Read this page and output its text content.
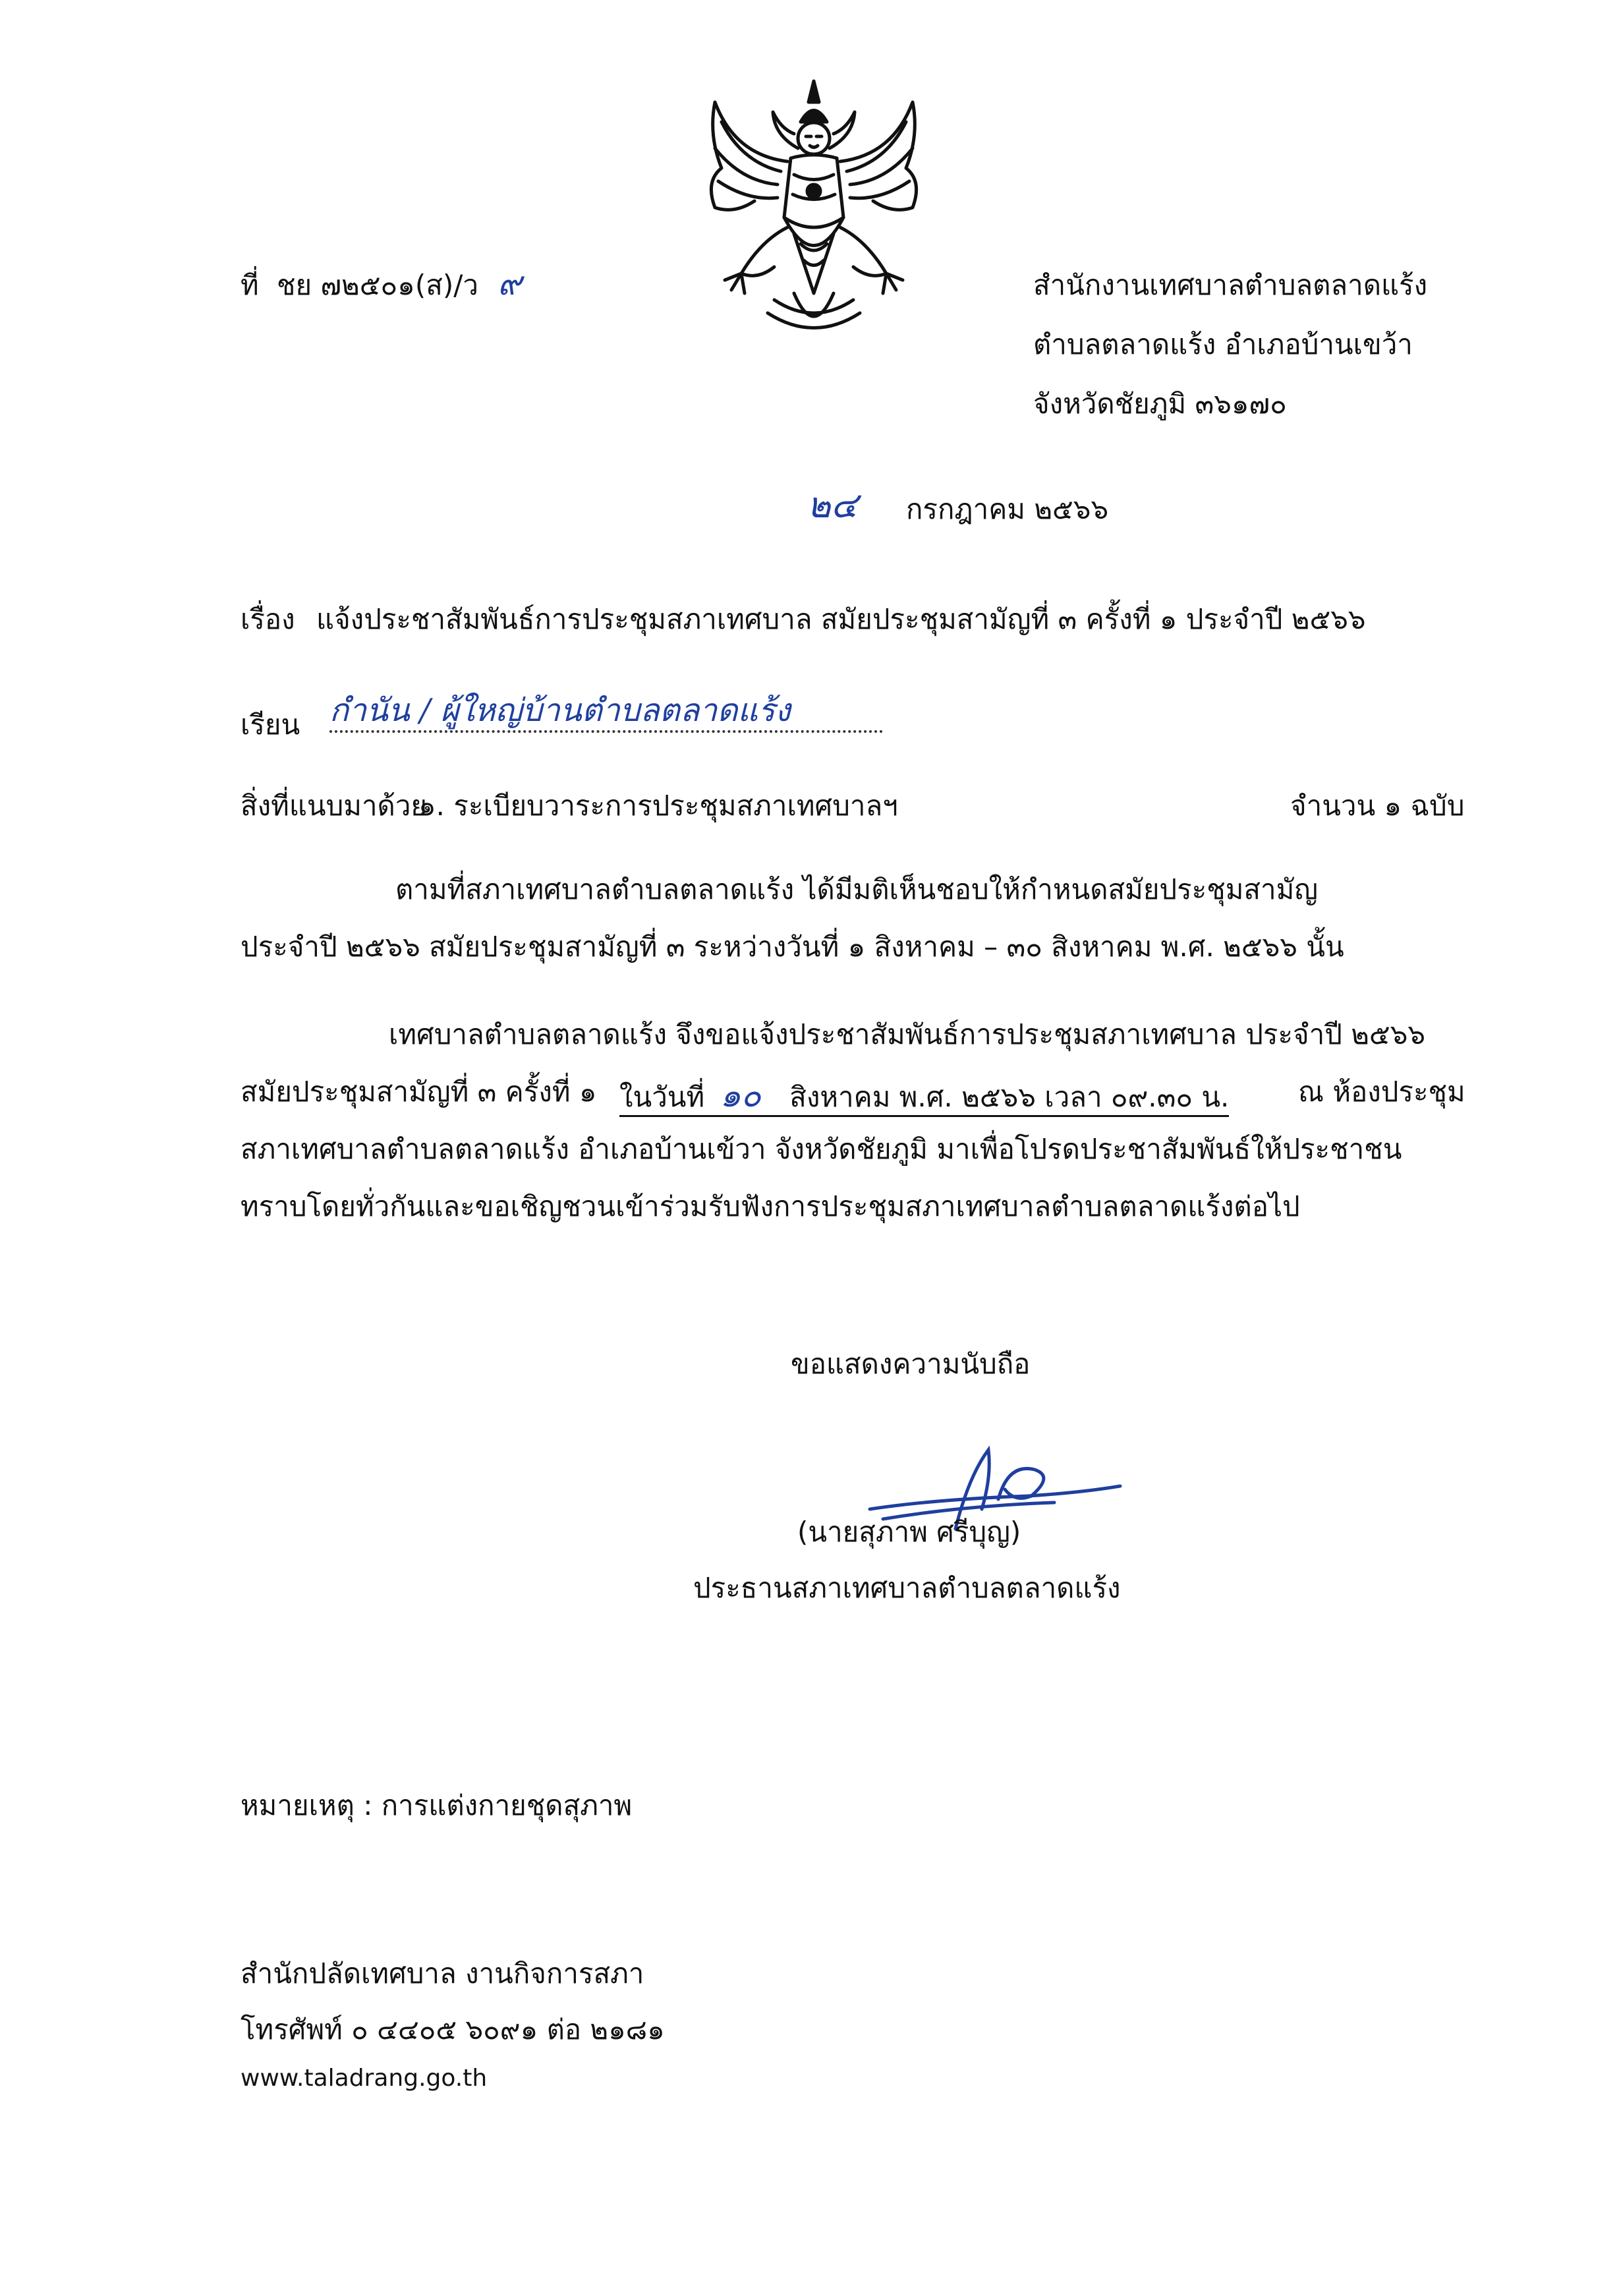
ที่ ชย ๗๒๕๐๑(ส)/ว ๙	สำนักงานเทศบาลตำบลตลาดแร้ง
ตำบลตลาดแร้ง อำเภอบ้านเขว้า
จังหวัดชัยภูมิ ๓๖๑๗๐
๒๔ กรกฎาคม ๒๕๖๖
เรื่อง แจ้งประชาสัมพันธ์การประชุมสภาเทศบาล สมัยประชุมสามัญที่ ๓ ครั้งที่ ๑ ประจำปี ๒๕๖๖
เรียน กำนัน / ผู้ใหญ่บ้านตำบลตลาดแร้ง
สิ่งที่แนบมาด้วย
๑. ระเบียบวาระการประชุมสภาเทศบาลฯ	จำนวน ๑ ฉบับ
ตามที่สภาเทศบาลตำบลตลาดแร้ง ได้มีมติเห็นชอบให้กำหนดสมัยประชุมสามัญ
ประจำปี ๒๕๖๖ สมัยประชุมสามัญที่ ๓ ระหว่างวันที่ ๑ สิงหาคม – ๓๐ สิงหาคม พ.ศ. ๒๕๖๖ นั้น
เทศบาลตำบลตลาดแร้ง จึงขอแจ้งประชาสัมพันธ์การประชุมสภาเทศบาล ประจำปี ๒๕๖๖
สมัยประชุมสามัญที่ ๓ ครั้งที่ ๑ ในวันที่ ๑๐ สิงหาคม พ.ศ. ๒๕๖๖ เวลา ๐๙.๓๐ น. ณ ห้องประชุม
สภาเทศบาลตำบลตลาดแร้ง อำเภอบ้านเข้วา จังหวัดชัยภูมิ มาเพื่อโปรดประชาสัมพันธ์ให้ประชาชน
ทราบโดยทั่วกันและขอเชิญชวนเข้าร่วมรับฟังการประชุมสภาเทศบาลตำบลตลาดแร้งต่อไป
ขอแสดงความนับถือ
(นายสุภาพ ศรีบุญ)
ประธานสภาเทศบาลตำบลตลาดแร้ง
หมายเหตุ : การแต่งกายชุดสุภาพ
สำนักปลัดเทศบาล งานกิจการสภา
โทรศัพท์ ๐ ๔๔๐๕ ๖๐๙๑ ต่อ ๒๑๘๑
www.taladrang.go.th
